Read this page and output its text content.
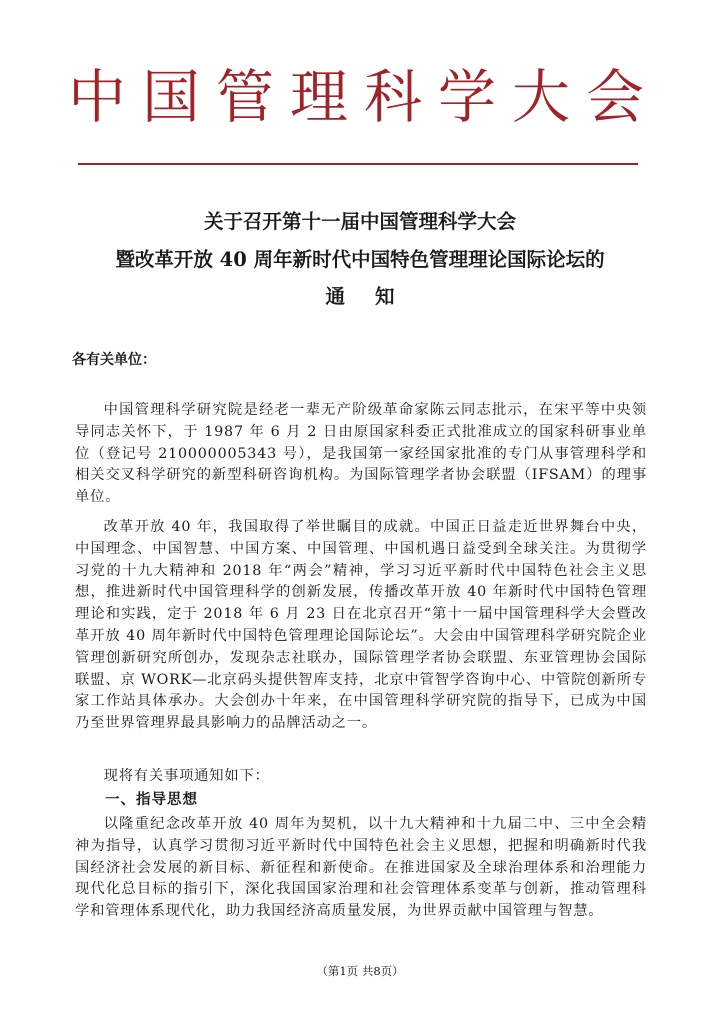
中国管理科学大会
关于召开第十一届中国管理科学大会
暨改革开放 40 周年新时代中国特色管理理论国际论坛的
通知
各有关单位：

中国管理科学研究院是经老一辈无产阶级革命家陈云同志批示，在宋平等中央领导同志关怀下，于 1987 年 6 月 2 日由原国家科委正式批准成立的国家科研事业单位（登记号 210000005343 号），是我国第一家经国家批准的专门从事管理科学和相关交叉科学研究的新型科研咨询机构。为国际管理学者协会联盟（IFSAM）的理事单位。

改革开放 40 年，我国取得了举世瞩目的成就。中国正日益走近世界舞台中央，中国理念、中国智慧、中国方案、中国管理、中国机遇日益受到全球关注。为贯彻学习党的十九大精神和 2018 年“两会”精神，学习习近平新时代中国特色社会主义思想，推进新时代中国管理科学的创新发展，传播改革开放 40 年新时代中国特色管理理论和实践，定于 2018 年 6 月 23 日在北京召开“第十一届中国管理科学大会暨改革开放 40 周年新时代中国特色管理理论国际论坛”。大会由中国管理科学研究院企业管理创新研究所创办，发现杂志社联办，国际管理学者协会联盟、东亚管理协会国际联盟、京 WORK—北京码头提供智库支持，北京中管智学咨询中心、中管院创新所专家工作站具体承办。大会创办十年来，在中国管理科学研究院的指导下，已成为中国乃至世界管理界最具影响力的品牌活动之一。

现将有关事项通知如下：

一、指导思想

以隆重纪念改革开放 40 周年为契机，以十九大精神和十九届二中、三中全会精神为指导，认真学习贯彻习近平新时代中国特色社会主义思想，把握和明确新时代我国经济社会发展的新目标、新征程和新使命。在推进国家及全球治理体系和治理能力现代化总目标的指引下，深化我国国家治理和社会管理体系变革与创新，推动管理科学和管理体系现代化，助力我国经济高质量发展，为世界贡献中国管理与智慧。

（第1页 共8页）
